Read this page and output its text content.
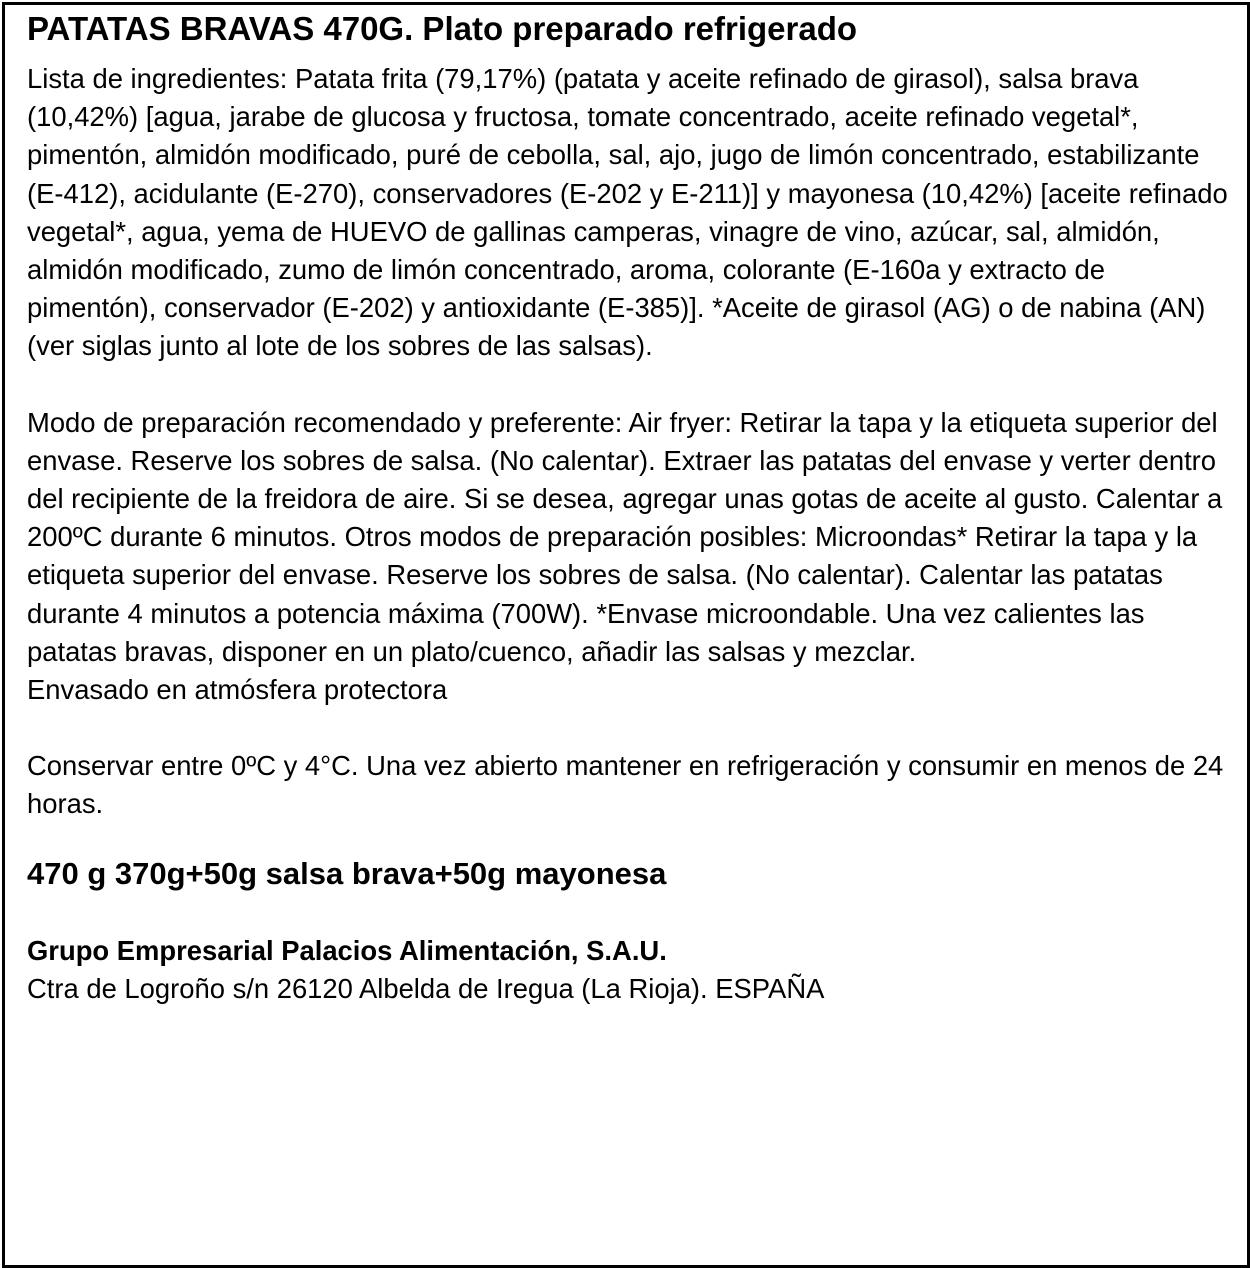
PATATAS BRAVAS 470G. Plato preparado refrigerado

Lista de ingredientes: Patata frita (79,17%) (patata y aceite refinado de girasol), salsa brava (10,42%) [agua, jarabe de glucosa y fructosa, tomate concentrado, aceite refinado vegetal*, pimentón, almidón modificado, puré de cebolla, sal, ajo, jugo de limón concentrado, estabilizante (E-412), acidulante (E-270), conservadores (E-202 y E-211)] y mayonesa (10,42%) [aceite refinado vegetal*, agua, yema de HUEVO de gallinas camperas, vinagre de vino, azúcar, sal, almidón, almidón modificado, zumo de limón concentrado, aroma, colorante (E-160a y extracto de pimentón), conservador (E-202) y antioxidante (E-385)]. *Aceite de girasol (AG) o de nabina (AN) (ver siglas junto al lote de los sobres de las salsas).

Modo de preparación recomendado y preferente: Air fryer: Retirar la tapa y la etiqueta superior del envase. Reserve los sobres de salsa. (No calentar). Extraer las patatas del envase y verter dentro del recipiente de la freidora de aire. Si se desea, agregar unas gotas de aceite al gusto. Calentar a 200ºC durante 6 minutos. Otros modos de preparación posibles: Microondas* Retirar la tapa y la etiqueta superior del envase. Reserve los sobres de salsa. (No calentar). Calentar las patatas durante 4 minutos a potencia máxima (700W). *Envase microondable. Una vez calientes las patatas bravas, disponer en un plato/cuenco, añadir las salsas y mezclar.

Envasado en atmósfera protectora

Conservar entre 0ºC y 4°C. Una vez abierto mantener en refrigeración y consumir en menos de 24 horas.

470 g 370g+50g salsa brava+50g mayonesa

Grupo Empresarial Palacios Alimentación, S.A.U.

Ctra de Logroño s/n 26120 Albelda de Iregua (La Rioja). ESPAÑA
